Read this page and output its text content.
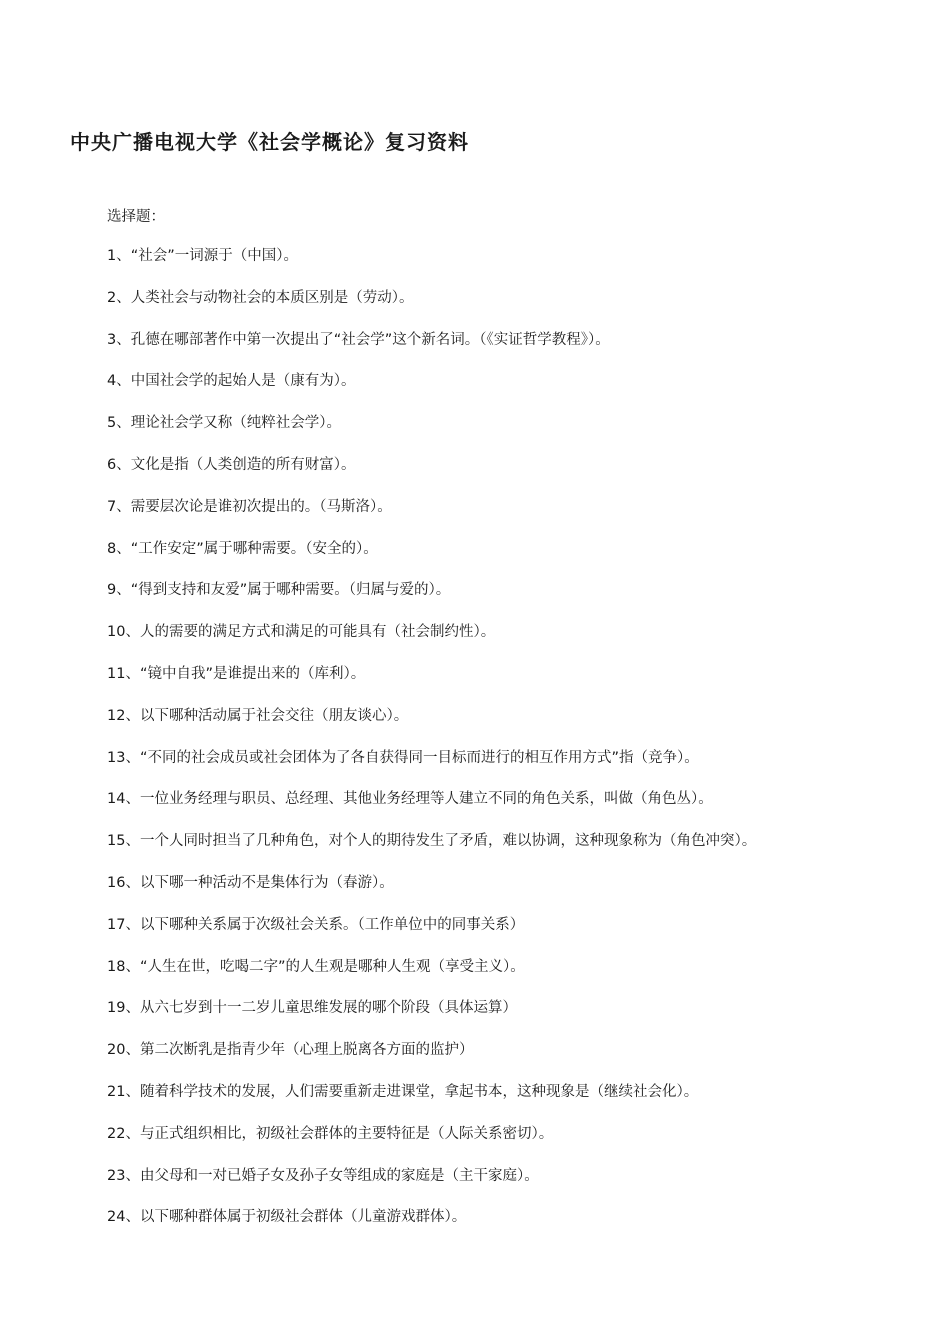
中央广播电视大学《社会学概论》复习资料
选择题：
1、“社会”一词源于（中国）。
2、人类社会与动物社会的本质区别是（劳动）。
3、孔德在哪部著作中第一次提出了“社会学”这个新名词。（《实证哲学教程》）。
4、中国社会学的起始人是（康有为）。
5、理论社会学又称（纯粹社会学）。
6、文化是指（人类创造的所有财富）。
7、需要层次论是谁初次提出的。（马斯洛）。
8、“工作安定”属于哪种需要。（安全的）。
9、“得到支持和友爱”属于哪种需要。（归属与爱的）。
10、人的需要的满足方式和满足的可能具有（社会制约性）。
11、“镜中自我”是谁提出来的（库利）。
12、以下哪种活动属于社会交往（朋友谈心）。
13、“不同的社会成员或社会团体为了各自获得同一目标而进行的相互作用方式”指（竞争）。
14、一位业务经理与职员、总经理、其他业务经理等人建立不同的角色关系，叫做（角色丛）。
15、一个人同时担当了几种角色，对个人的期待发生了矛盾，难以协调，这种现象称为（角色冲突）。
16、以下哪一种活动不是集体行为（春游）。
17、以下哪种关系属于次级社会关系。（工作单位中的同事关系）
18、“人生在世，吃喝二字”的人生观是哪种人生观（享受主义）。
19、从六七岁到十一二岁儿童思维发展的哪个阶段（具体运算）
20、第二次断乳是指青少年（心理上脱离各方面的监护）
21、随着科学技术的发展，人们需要重新走进课堂，拿起书本，这种现象是（继续社会化）。
22、与正式组织相比，初级社会群体的主要特征是（人际关系密切）。
23、由父母和一对已婚子女及孙子女等组成的家庭是（主干家庭）。
24、以下哪种群体属于初级社会群体（儿童游戏群体）。
